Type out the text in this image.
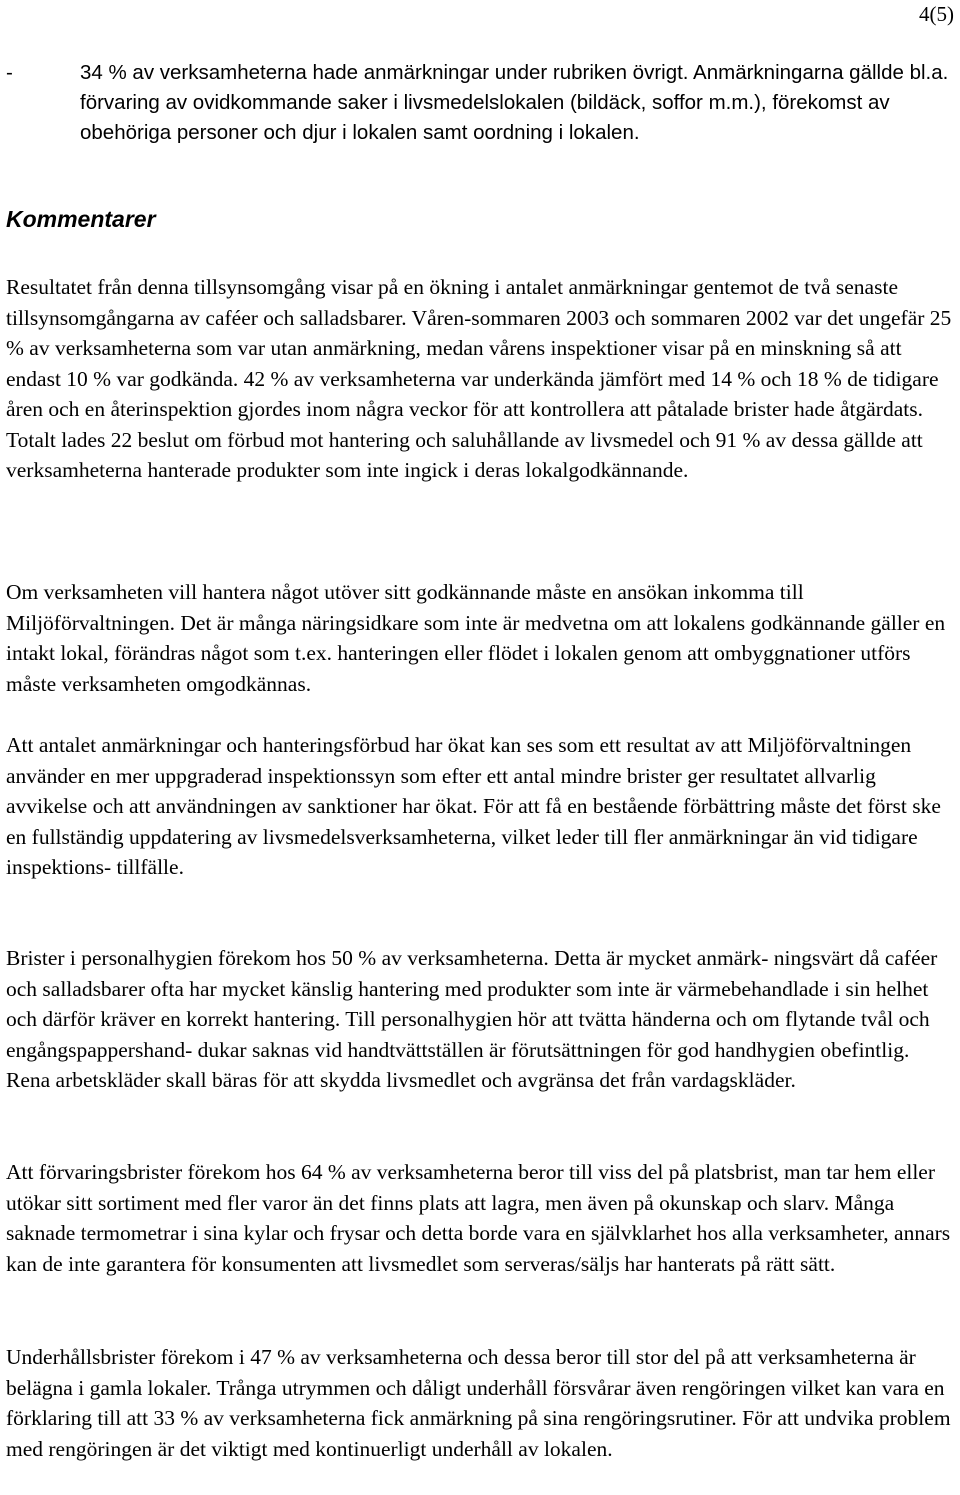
4(5)
-	34 % av verksamheterna hade anmärkningar under rubriken övrigt. Anmärkningarna gällde bl.a. förvaring av ovidkommande saker i livsmedelslokalen (bildäck, soffor m.m.), förekomst av obehöriga personer och djur i lokalen samt oordning i lokalen.
Kommentarer

Resultatet från denna tillsynsomgång visar på en ökning i antalet anmärkningar gentemot de två senaste tillsynsomgångarna av caféer och salladsbarer. Våren-sommaren 2003 och sommaren 2002 var det ungefär 25 % av verksamheterna som var utan anmärkning, medan vårens inspektioner visar på en minskning så att endast 10 % var godkända. 42 % av verksamheterna var underkända jämfört med 14 % och 18 % de tidigare åren och en återinspektion gjordes inom några veckor för att kontrollera att påtalade brister hade åtgärdats. Totalt lades 22 beslut om förbud mot hantering och saluhållande av livsmedel och 91 % av dessa gällde att verksamheterna hanterade produkter som inte ingick i deras lokalgodkännande.

Om verksamheten vill hantera något utöver sitt godkännande måste en ansökan inkomma till Miljöförvaltningen. Det är många näringsidkare som inte är medvetna om att lokalens godkännande gäller en intakt lokal, förändras något som t.ex. hanteringen eller flödet i lokalen genom att ombyggnationer utförs måste verksamheten omgodkännas.

Att antalet anmärkningar och hanteringsförbud har ökat kan ses som ett resultat av att Miljöförvaltningen använder en mer uppgraderad inspektionssyn som efter ett antal mindre brister ger resultatet allvarlig avvikelse och att användningen av sanktioner har ökat. För att få en bestående förbättring måste det först ske en fullständig uppdatering av livsmedelsverksamheterna, vilket leder till fler anmärkningar än vid tidigare inspektions- tillfälle.

Brister i personalhygien förekom hos 50 % av verksamheterna. Detta är mycket anmärk- ningsvärt då caféer och salladsbarer ofta har mycket känslig hantering med produkter som inte är värmebehandlade i sin helhet och därför kräver en korrekt hantering. Till personalhygien hör att tvätta händerna och om flytande tvål och engångspappershand- dukar saknas vid handtvättställen är förutsättningen för god handhygien obefintlig. Rena arbetskläder skall bäras för att skydda livsmedlet och avgränsa det från vardagskläder.

Att förvaringsbrister förekom hos 64 % av verksamheterna beror till viss del på platsbrist, man tar hem eller utökar sitt sortiment med fler varor än det finns plats att lagra, men även på okunskap och slarv. Många saknade termometrar i sina kylar och frysar och detta borde vara en självklarhet hos alla verksamheter, annars kan de inte garantera för konsumenten att livsmedlet som serveras/säljs har hanterats på rätt sätt.

Underhållsbrister förekom i 47 % av verksamheterna och dessa beror till stor del på att verksamheterna är belägna i gamla lokaler. Trånga utrymmen och dåligt underhåll försvårar även rengöringen vilket kan vara en förklaring till att 33 % av verksamheterna fick anmärkning på sina rengöringsrutiner. För att undvika problem med rengöringen är det viktigt med kontinuerligt underhåll av lokalen.
